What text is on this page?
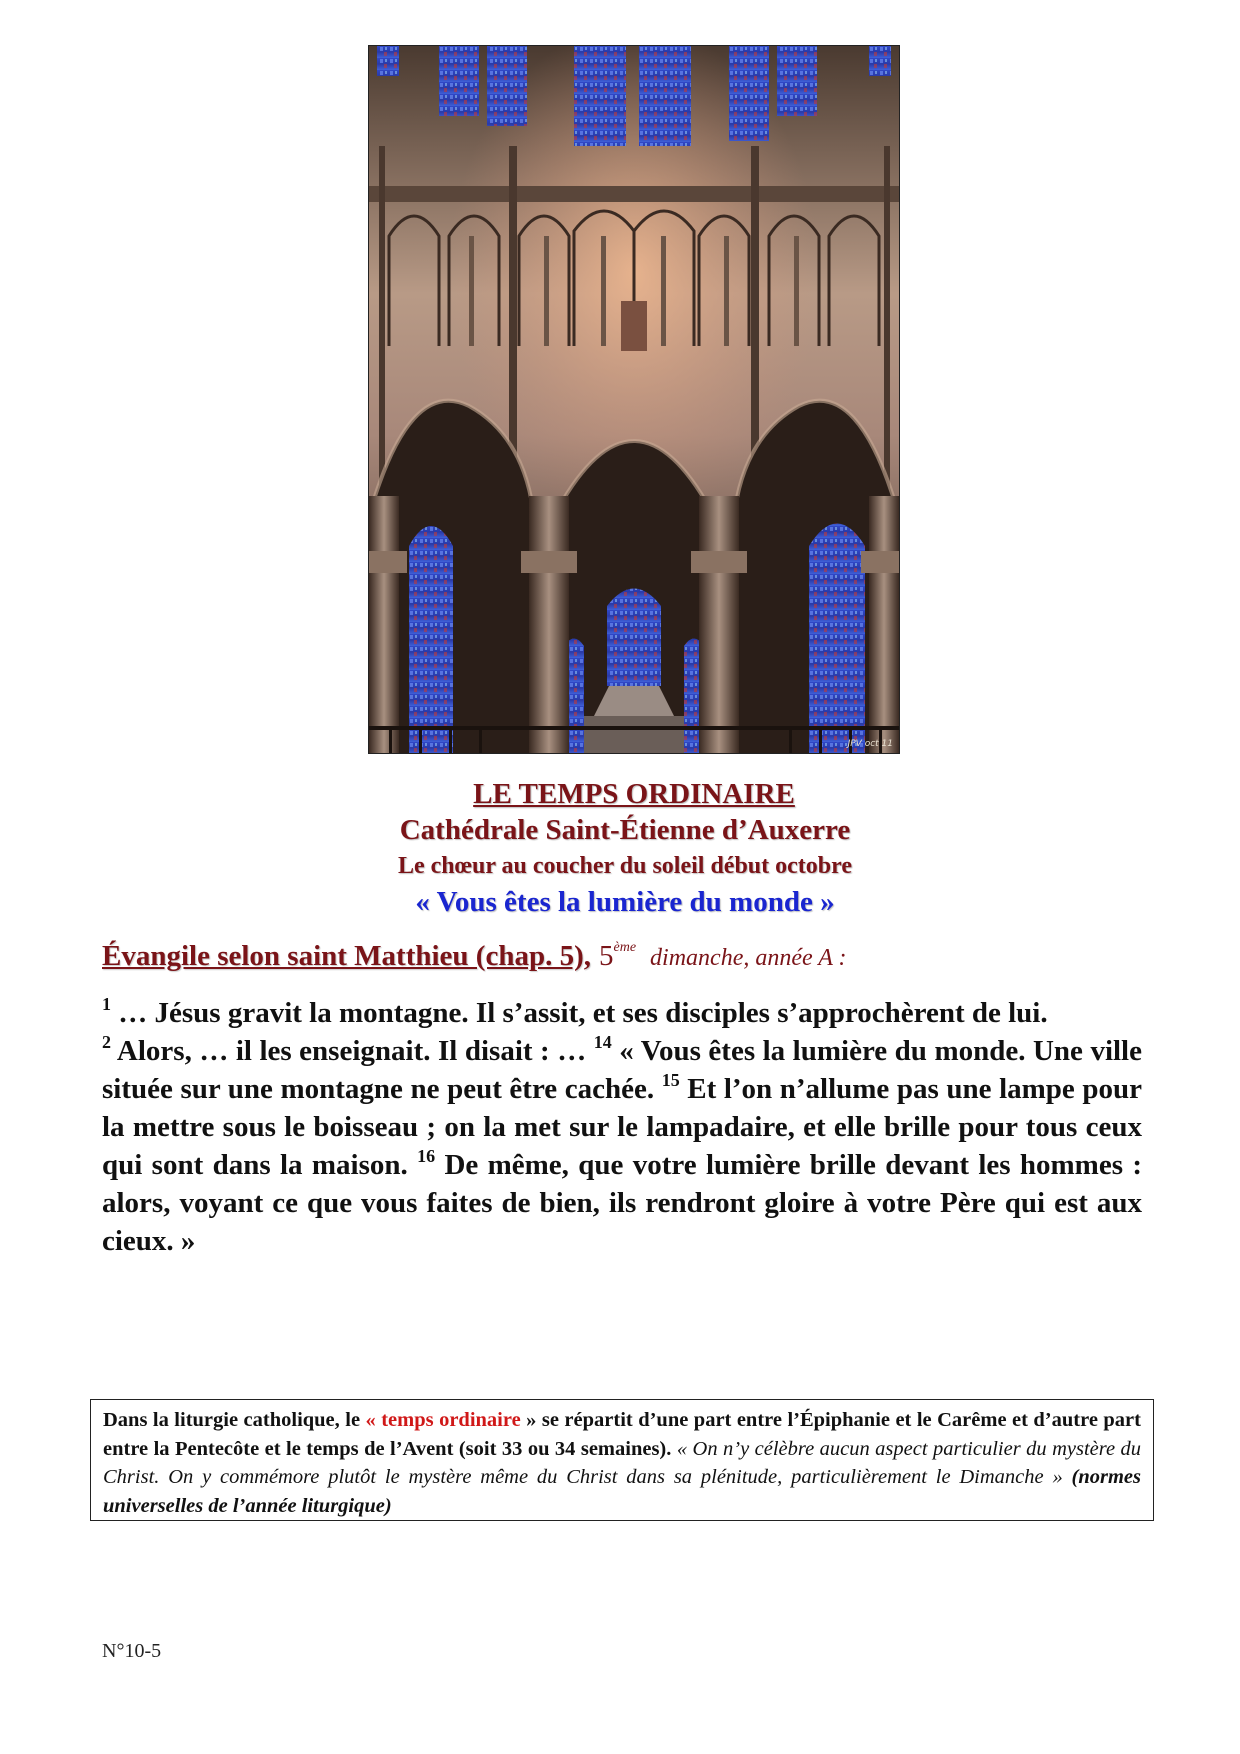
JPV oct 11
LE TEMPS ORDINAIRE
Cathédrale Saint-Étienne d’Auxerre
Le chœur au coucher du soleil début octobre
« Vous êtes la lumière du monde »
Évangile selon saint Matthieu (chap. 5), 5ème dimanche, année A :

$^1$ … Jésus gravit la montagne. Il s’assit, et ses disciples s’approchèrent de lui.

$^2$ Alors, … il les enseignait. Il disait : … $^{14}$ « Vous êtes la lumière du monde. Une ville située sur une montagne ne peut être cachée. $^{15}$ Et l’on n’allume pas une lampe pour la mettre sous le boisseau ; on la met sur le lampadaire, et elle brille pour tous ceux qui sont dans la maison. $^{16}$ De même, que votre lumière brille devant les hommes : alors, voyant ce que vous faites de bien, ils rendront gloire à votre Père qui est aux cieux. »

Dans la liturgie catholique, le « temps ordinaire » se répartit d’une part entre l’Épiphanie et le Carême et d’autre part entre la Pentecôte et le temps de l’Avent (soit 33 ou 34 semaines). « On n’y célèbre aucun aspect particulier du mystère du Christ. On y commémore plutôt le mystère même du Christ dans sa plénitude, particulièrement le Dimanche » (normes universelles de l’année liturgique)
N°10-5
